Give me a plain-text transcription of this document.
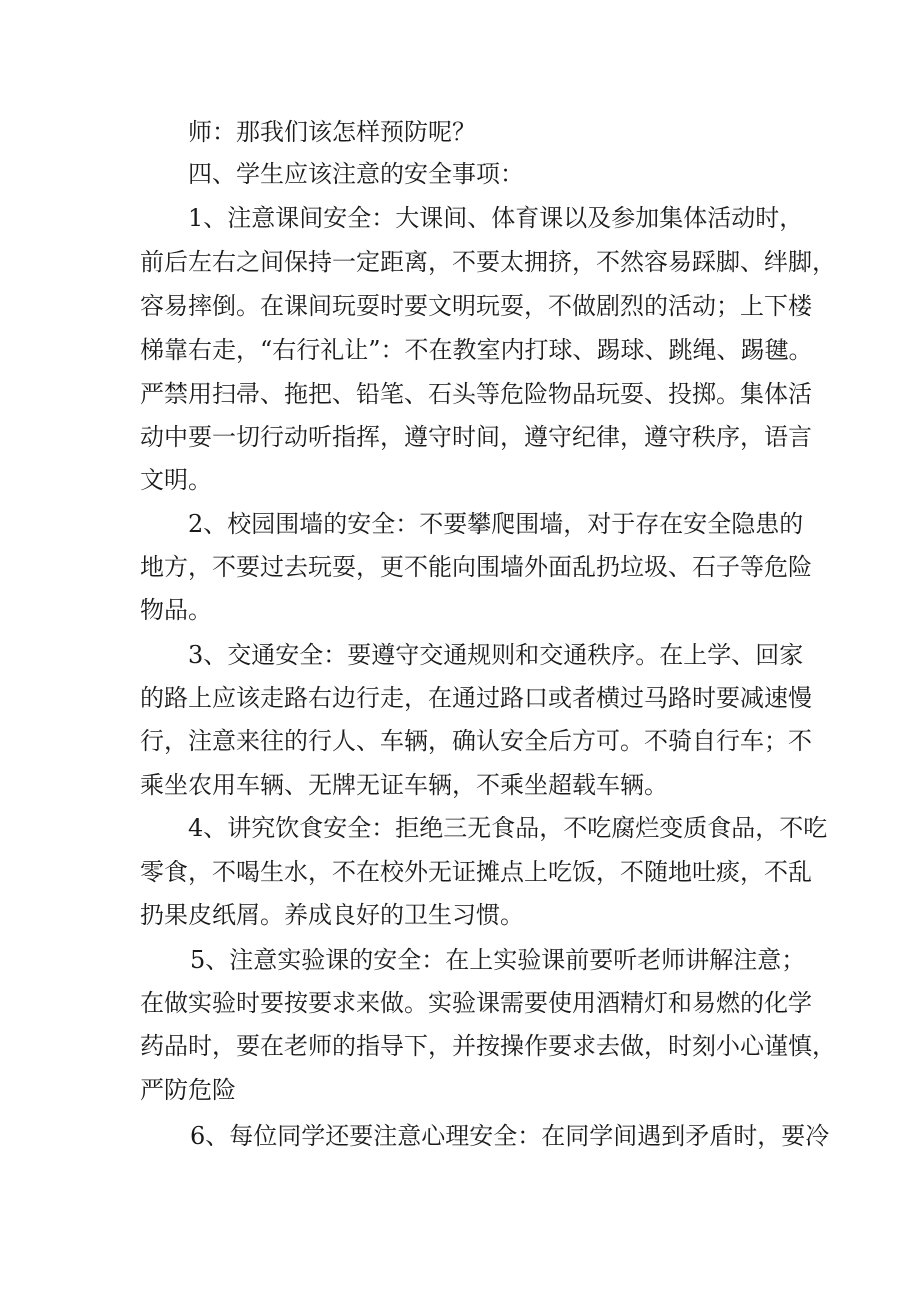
师：那我们该怎样预防呢？
四、学生应该注意的安全事项：
1、注意课间安全：大课间、体育课以及参加集体活动时，
前后左右之间保持一定距离，不要太拥挤，不然容易踩脚、绊脚，
容易摔倒。在课间玩耍时要文明玩耍，不做剧烈的活动；上下楼
梯靠右走，“右行礼让”：不在教室内打球、踢球、跳绳、踢毽。
严禁用扫帚、拖把、铅笔、石头等危险物品玩耍、投掷。集体活
动中要一切行动听指挥，遵守时间，遵守纪律，遵守秩序，语言
文明。
2、校园围墙的安全：不要攀爬围墙，对于存在安全隐患的
地方，不要过去玩耍，更不能向围墙外面乱扔垃圾、石子等危险
物品。
3、交通安全：要遵守交通规则和交通秩序。在上学、回家
的路上应该走路右边行走，在通过路口或者横过马路时要减速慢
行，注意来往的行人、车辆，确认安全后方可。不骑自行车；不
乘坐农用车辆、无牌无证车辆，不乘坐超载车辆。
4、讲究饮食安全：拒绝三无食品，不吃腐烂变质食品，不吃
零食，不喝生水，不在校外无证摊点上吃饭，不随地吐痰，不乱
扔果皮纸屑。养成良好的卫生习惯。
5、注意实验课的安全：在上实验课前要听老师讲解注意；
在做实验时要按要求来做。实验课需要使用酒精灯和易燃的化学
药品时，要在老师的指导下，并按操作要求去做，时刻小心谨慎，
严防危险
6、每位同学还要注意心理安全：在同学间遇到矛盾时，要冷
